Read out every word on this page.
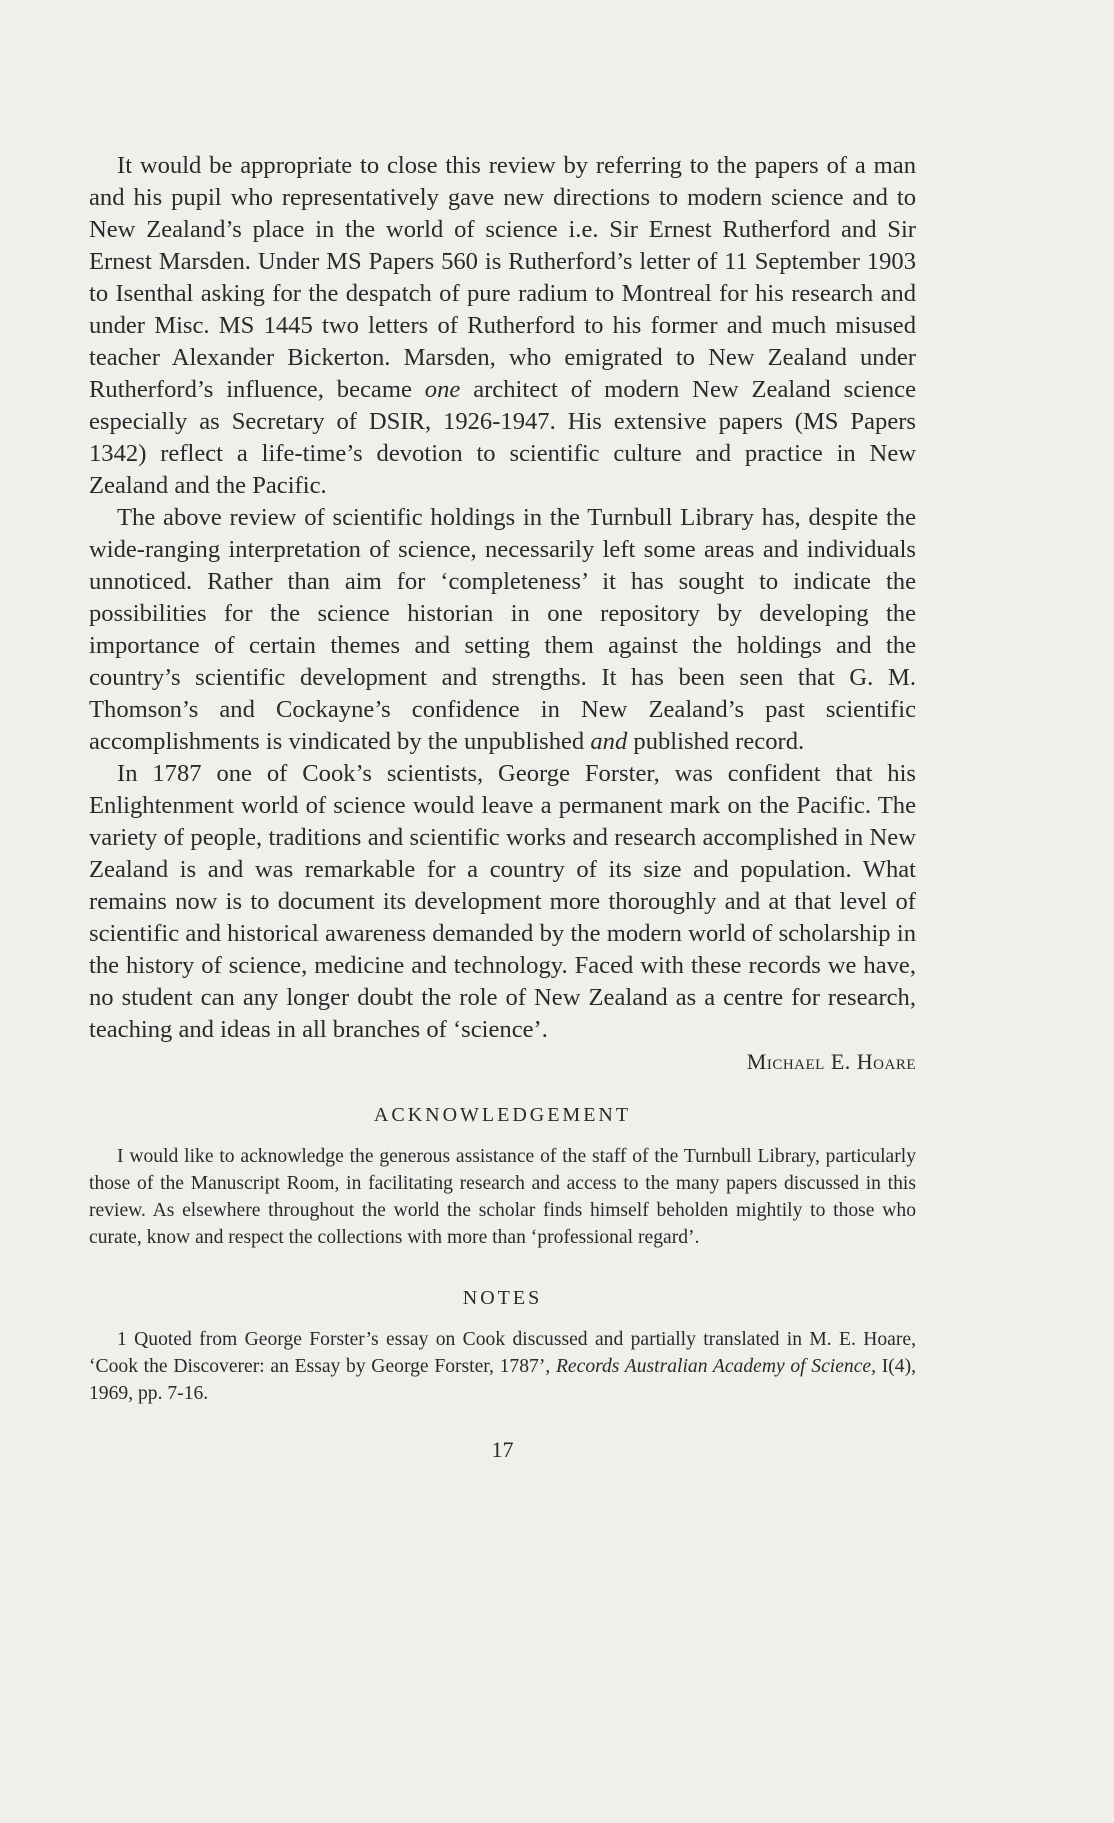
It would be appropriate to close this review by referring to the papers of a man and his pupil who representatively gave new directions to modern science and to New Zealand’s place in the world of science i.e. Sir Ernest Rutherford and Sir Ernest Marsden. Under MS Papers 560 is Rutherford’s letter of 11 September 1903 to Isenthal asking for the despatch of pure radium to Montreal for his research and under Misc. MS 1445 two letters of Rutherford to his former and much misused teacher Alexander Bickerton. Marsden, who emigrated to New Zealand under Rutherford’s influence, became one architect of modern New Zealand science especially as Secretary of DSIR, 1926-1947. His extensive papers (MS Papers 1342) reflect a life-time’s devotion to scientific culture and practice in New Zealand and the Pacific.

The above review of scientific holdings in the Turnbull Library has, despite the wide-ranging interpretation of science, necessarily left some areas and individuals unnoticed. Rather than aim for ‘completeness’ it has sought to indicate the possibilities for the science historian in one repository by developing the importance of certain themes and setting them against the holdings and the country’s scientific development and strengths. It has been seen that G. M. Thomson’s and Cockayne’s confidence in New Zealand’s past scientific accomplishments is vindicated by the unpublished and published record.

In 1787 one of Cook’s scientists, George Forster, was confident that his Enlightenment world of science would leave a permanent mark on the Pacific. The variety of people, traditions and scientific works and research accomplished in New Zealand is and was remarkable for a country of its size and population. What remains now is to document its development more thoroughly and at that level of scientific and historical awareness demanded by the modern world of scholarship in the history of science, medicine and technology. Faced with these records we have, no student can any longer doubt the role of New Zealand as a centre for research, teaching and ideas in all branches of ‘science’.

Michael E. Hoare
ACKNOWLEDGEMENT

I would like to acknowledge the generous assistance of the staff of the Turnbull Library, particularly those of the Manuscript Room, in facilitating research and access to the many papers discussed in this review. As elsewhere throughout the world the scholar finds himself beholden mightily to those who curate, know and respect the collections with more than ‘professional regard’.

NOTES

1 Quoted from George Forster’s essay on Cook discussed and partially translated in M. E. Hoare, ‘Cook the Discoverer: an Essay by George Forster, 1787’, Records Australian Academy of Science, I(4), 1969, pp. 7-16.

17
